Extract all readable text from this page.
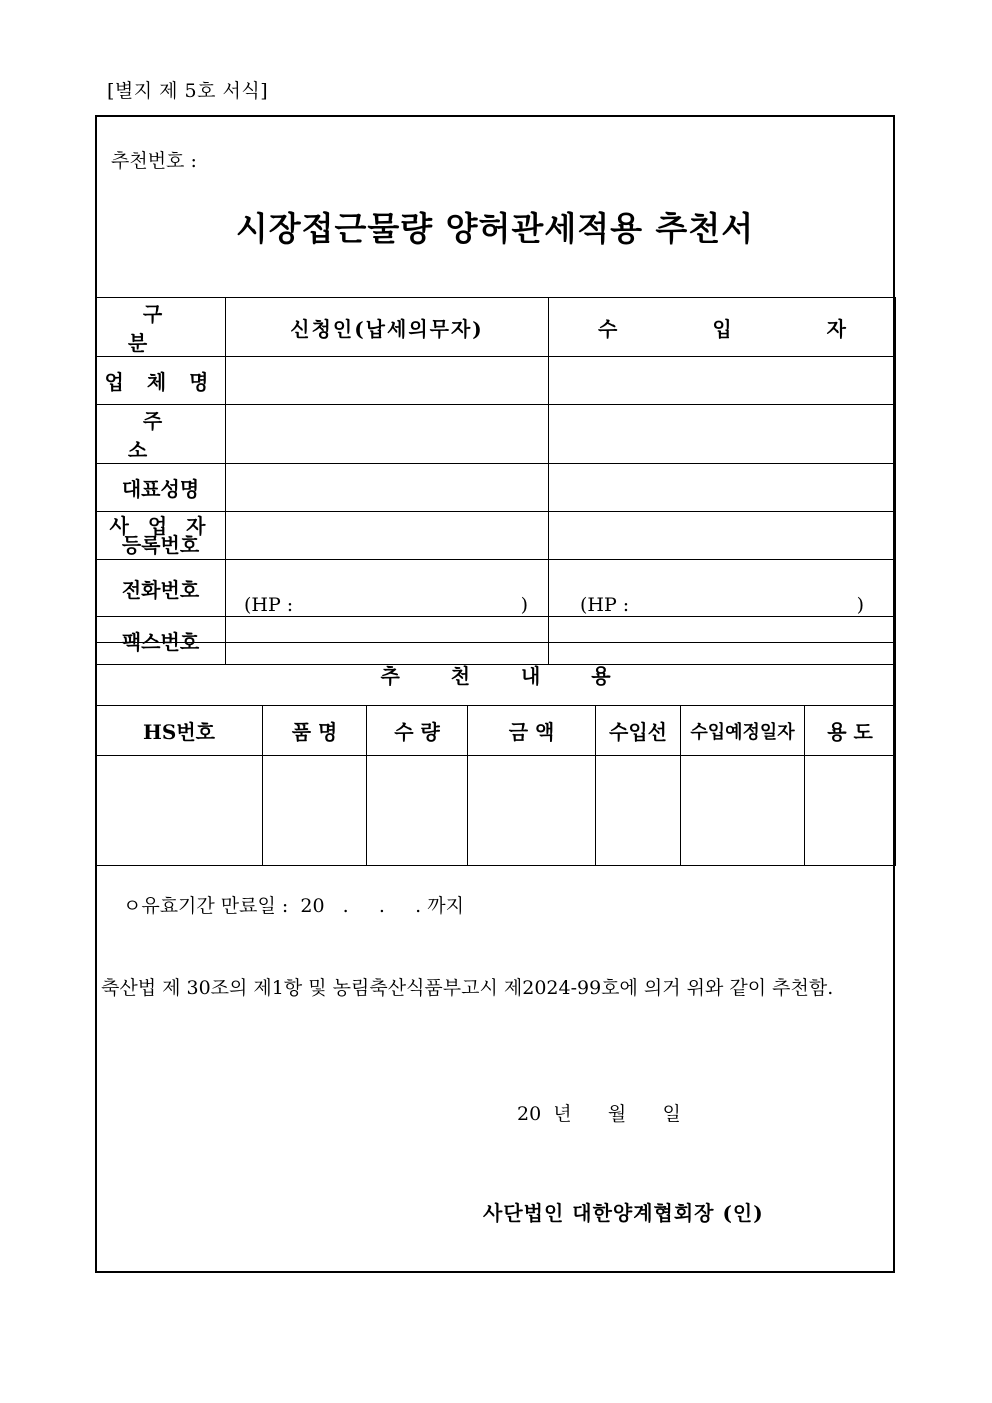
[별지 제 5호 서식]
추천번호 :
시장접근물량 양허관세적용 추천서
구 분	신청인(납세의무자)	수 입 자
업 체 명		
주 소		
대표성명		

사 업 자
등록번호		

전화번호	(HP : )	(HP : )

팩스번호		
추 천 내 용						
HS번호	품 명	수 량	금 액	수입선	수입예정일자	용 도

ㅇ유효기간 만료일 :  20   .     .     . 까지
축산법 제 30조의 제1항 및 농림축산식품부고시 제2024-99호에 의거 위와 같이 추천함.
20  년      월      일
사단법인 대한양계협회장 (인)
